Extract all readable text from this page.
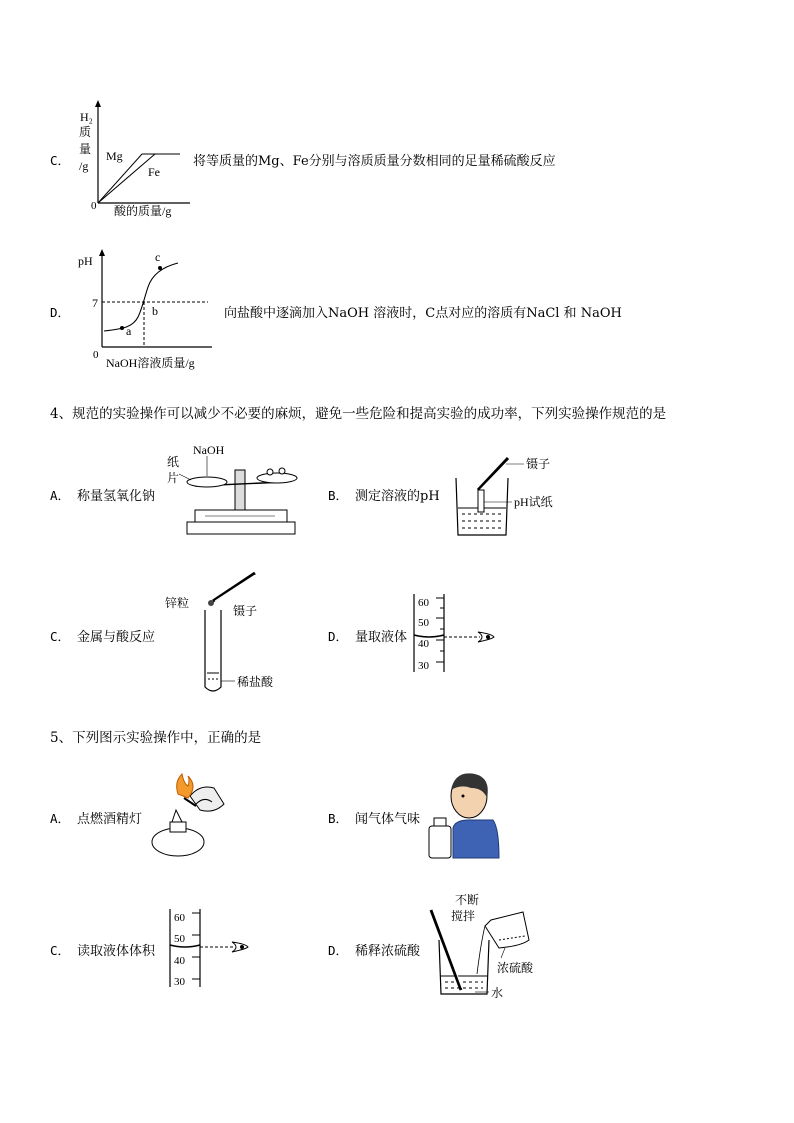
C．
H₂
质
量
/g
Mg
Fe
0 酸的质量/g
将等质量的Mg、Fe分别与溶质质量分数相同的足量稀硫酸反应
D．
pH
7
a
b
c
0
NaOH溶液质量/g
向盐酸中逐滴加入NaOH 溶液时，C点对应的溶质有NaCl 和 NaOH
4、规范的实验操作可以减少不必要的麻烦，避免一些危险和提高实验的成功率，下列实验操作规范的是
A． 称量氢氧化钠
NaOH
纸
片
B． 测定溶液的pH
镊子
pH试纸
C． 金属与酸反应
锌粒
镊子
稀盐酸
D． 量取液体
60
50
40
30
5、下列图示实验操作中，正确的是
A． 点燃酒精灯	B． 闻气体气味
C． 读取液体体积
60
50
40
30
D． 稀释浓硫酸
不断
搅拌
浓硫酸
水
